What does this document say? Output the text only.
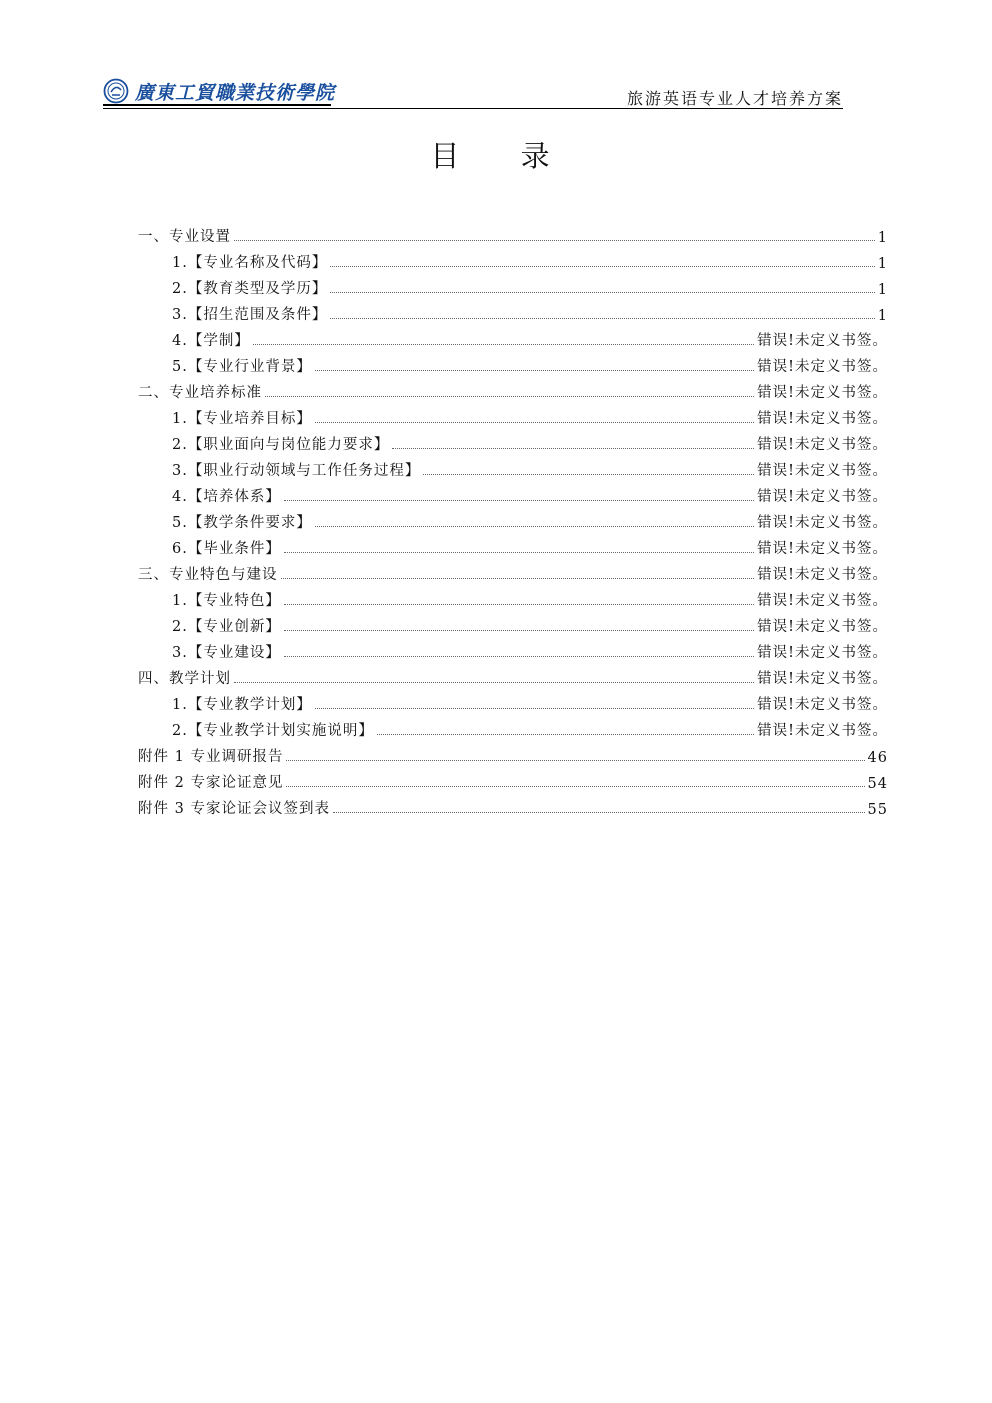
廣東工貿職業技術學院	旅游英语专业人才培养方案
目 录
一、专业设置	1
1.【专业名称及代码】	1
2.【教育类型及学历】	1
3.【招生范围及条件】	1
4.【学制】	错误!未定义书签。
5.【专业行业背景】	错误!未定义书签。
二、专业培养标准	错误!未定义书签。
1.【专业培养目标】	错误!未定义书签。
2.【职业面向与岗位能力要求】	错误!未定义书签。
3.【职业行动领域与工作任务过程】	错误!未定义书签。
4.【培养体系】	错误!未定义书签。
5.【教学条件要求】	错误!未定义书签。
6.【毕业条件】	错误!未定义书签。
三、专业特色与建设	错误!未定义书签。
1.【专业特色】	错误!未定义书签。
2.【专业创新】	错误!未定义书签。
3.【专业建设】	错误!未定义书签。
四、教学计划	错误!未定义书签。
1.【专业教学计划】	错误!未定义书签。
2.【专业教学计划实施说明】	错误!未定义书签。
附件 1 专业调研报告	46
附件 2 专家论证意见	54
附件 3 专家论证会议签到表	55
